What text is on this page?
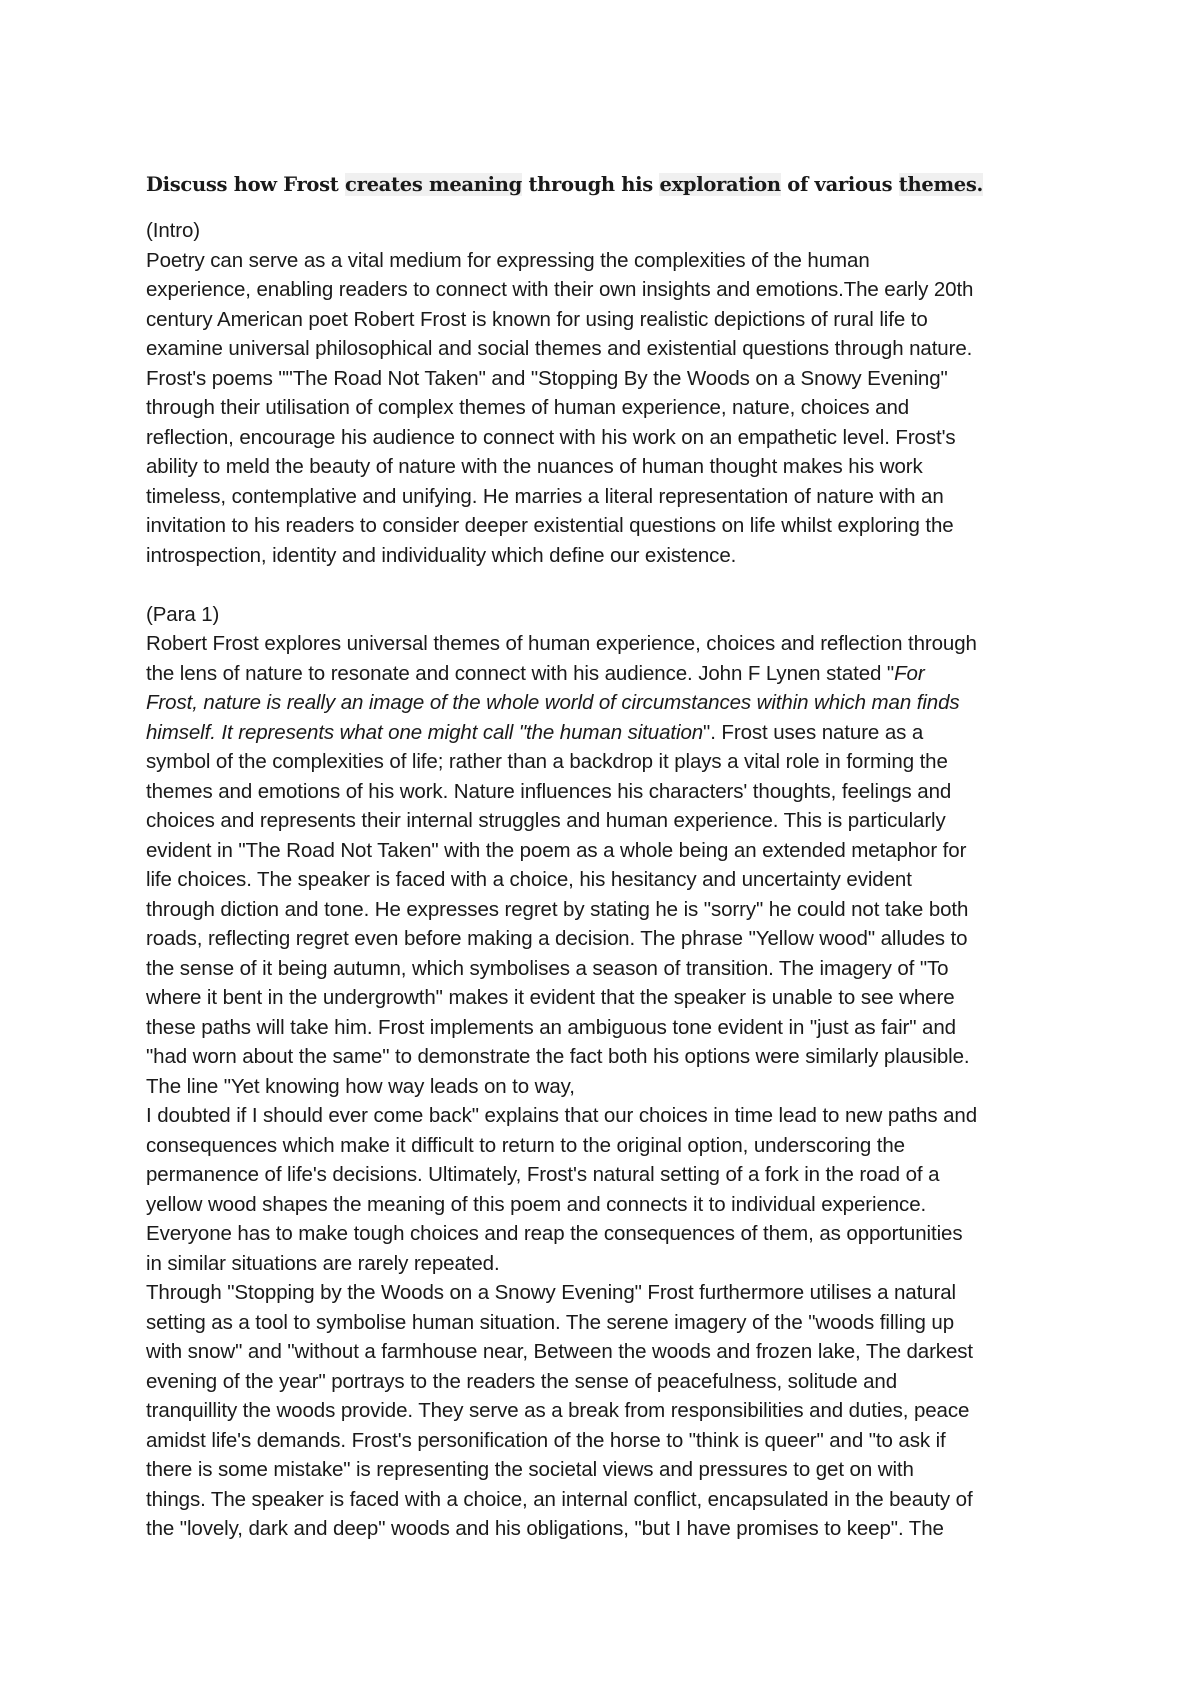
Discuss how Frost creates meaning through his exploration of various themes.
(Intro)
Poetry can serve as a vital medium for expressing the complexities of the human
experience, enabling readers to connect with their own insights and emotions.The early 20th
century American poet Robert Frost is known for using realistic depictions of rural life to
examine universal philosophical and social themes and existential questions through nature.
Frost's poems ""The Road Not Taken" and "Stopping By the Woods on a Snowy Evening"
through their utilisation of complex themes of human experience, nature, choices and
reflection, encourage his audience to connect with his work on an empathetic level. Frost's
ability to meld the beauty of nature with the nuances of human thought makes his work
timeless, contemplative and unifying. He marries a literal representation of nature with an
invitation to his readers to consider deeper existential questions on life whilst exploring the
introspection, identity and individuality which define our existence.
(Para 1)
Robert Frost explores universal themes of human experience, choices and reflection through
the lens of nature to resonate and connect with his audience. John F Lynen stated "For
Frost, nature is really an image of the whole world of circumstances within which man finds
himself. It represents what one might call "the human situation". Frost uses nature as a
symbol of the complexities of life; rather than a backdrop it plays a vital role in forming the
themes and emotions of his work. Nature influences his characters' thoughts, feelings and
choices and represents their internal struggles and human experience. This is particularly
evident in "The Road Not Taken" with the poem as a whole being an extended metaphor for
life choices. The speaker is faced with a choice, his hesitancy and uncertainty evident
through diction and tone. He expresses regret by stating he is "sorry" he could not take both
roads, reflecting regret even before making a decision. The phrase "Yellow wood" alludes to
the sense of it being autumn, which symbolises a season of transition. The imagery of "To
where it bent in the undergrowth" makes it evident that the speaker is unable to see where
these paths will take him. Frost implements an ambiguous tone evident in "just as fair" and
"had worn about the same" to demonstrate the fact both his options were similarly plausible.
The line "Yet knowing how way leads on to way,
I doubted if I should ever come back" explains that our choices in time lead to new paths and
consequences which make it difficult to return to the original option, underscoring the
permanence of life's decisions. Ultimately, Frost's natural setting of a fork in the road of a
yellow wood shapes the meaning of this poem and connects it to individual experience.
Everyone has to make tough choices and reap the consequences of them, as opportunities
in similar situations are rarely repeated.
Through "Stopping by the Woods on a Snowy Evening" Frost furthermore utilises a natural
setting as a tool to symbolise human situation. The serene imagery of the "woods filling up
with snow" and "without a farmhouse near, Between the woods and frozen lake, The darkest
evening of the year" portrays to the readers the sense of peacefulness, solitude and
tranquillity the woods provide. They serve as a break from responsibilities and duties, peace
amidst life's demands. Frost's personification of the horse to "think is queer" and "to ask if
there is some mistake" is representing the societal views and pressures to get on with
things. The speaker is faced with a choice, an internal conflict, encapsulated in the beauty of
the "lovely, dark and deep" woods and his obligations, "but I have promises to keep". The
